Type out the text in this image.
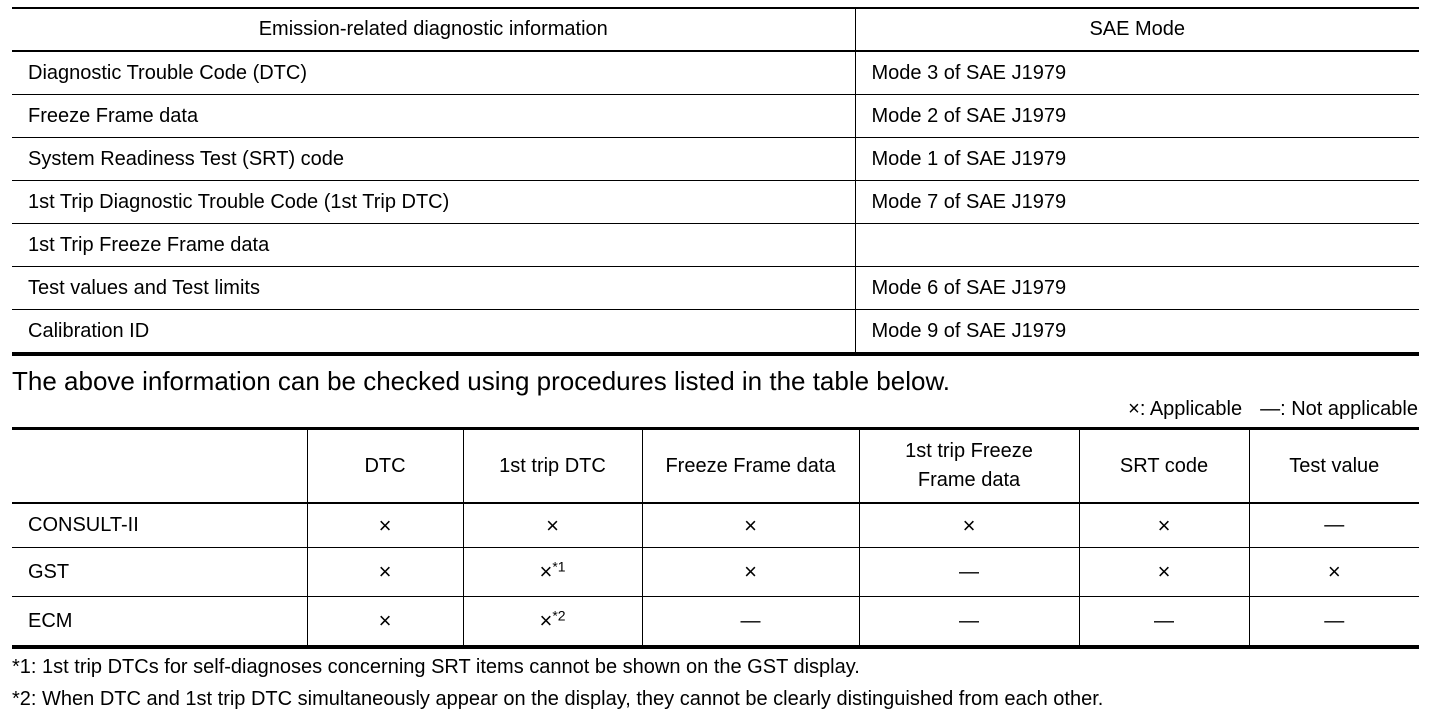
Emission-related diagnostic information	SAE Mode
Diagnostic Trouble Code (DTC)	Mode 3 of SAE J1979
Freeze Frame data	Mode 2 of SAE J1979
System Readiness Test (SRT) code	Mode 1 of SAE J1979
1st Trip Diagnostic Trouble Code (1st Trip DTC)	Mode 7 of SAE J1979
1st Trip Freeze Frame data	
Test values and Test limits	Mode 6 of SAE J1979
Calibration ID	Mode 9 of SAE J1979
The above information can be checked using procedures listed in the table below.
×: Applicable —: Not applicable
	DTC	1st trip DTC	Freeze Frame data	1st trip Freeze Frame data	SRT code	Test value
CONSULT-II	×	×	×	×	×	—
GST	×	×$^{*1}$	×	—	×	×
ECM	×	×$^{*2}$	—	—	—	—
*1: 1st trip DTCs for self-diagnoses concerning SRT items cannot be shown on the GST display.
*2: When DTC and 1st trip DTC simultaneously appear on the display, they cannot be clearly distinguished from each other.
